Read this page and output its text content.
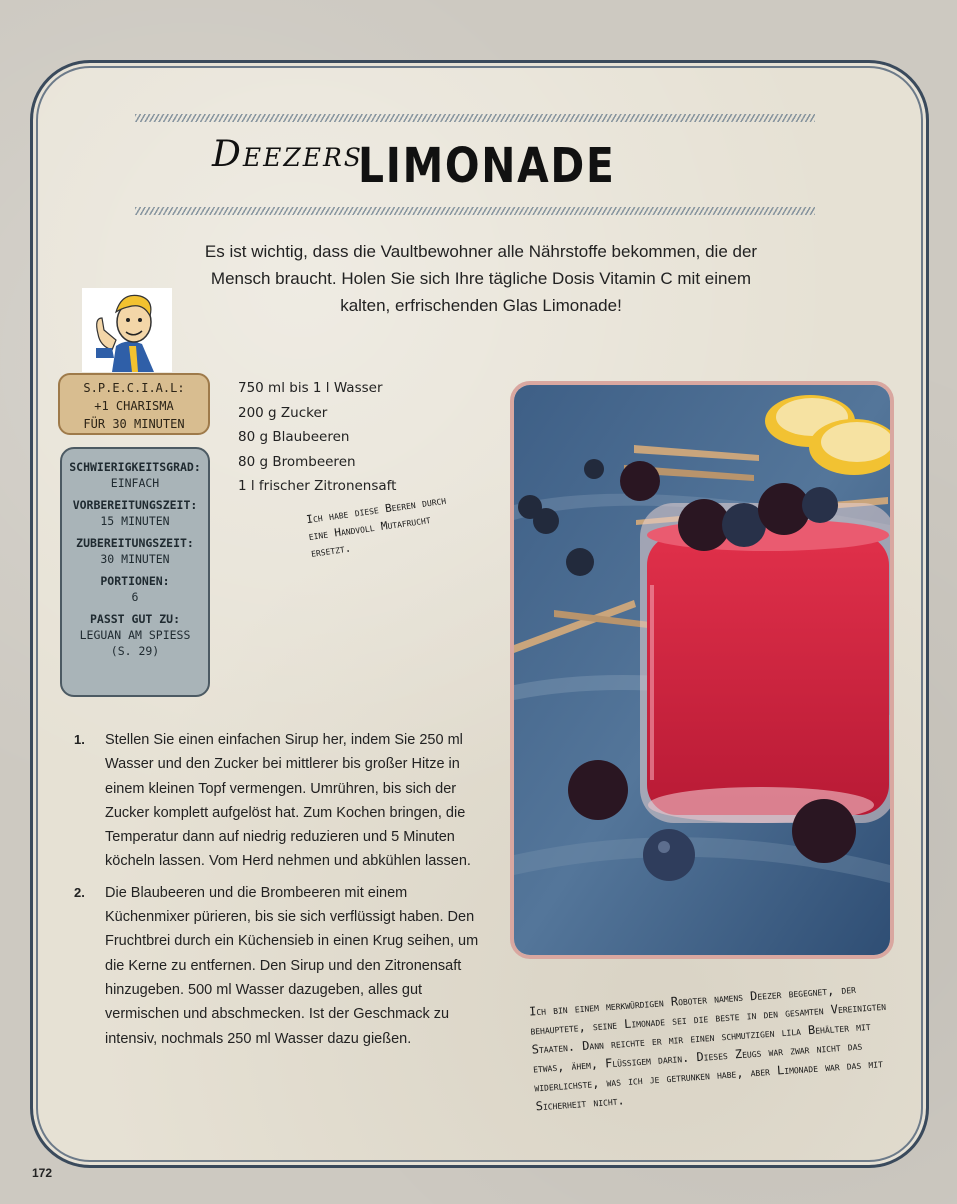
Deezers
LIMONADE
Es ist wichtig, dass die Vaultbewohner alle Nährstoffe bekommen, die der Mensch braucht. Holen Sie sich Ihre tägliche Dosis Vitamin C mit einem kalten, erfrischenden Glas Limonade!
S.P.E.C.I.A.L:
+1 CHARISMA
FÜR 30 MINUTEN
SCHWIERIGKEITSGRAD:
EINFACH
VORBEREITUNGSZEIT:
15 MINUTEN
ZUBEREITUNGSZEIT:
30 MINUTEN
PORTIONEN:
6
PASST GUT ZU:
LEGUAN AM SPIESS
(S. 29)
750 ml bis 1 l Wasser
200 g Zucker
80 g Blaubeeren
80 g Brombeeren
1 l frischer Zitronensaft
Ich habe diese Beeren durch eine Handvoll Mutafrucht ersetzt.
1. Stellen Sie einen einfachen Sirup her, indem Sie 250 ml Wasser und den Zucker bei mittlerer bis großer Hitze in einem kleinen Topf vermengen. Umrühren, bis sich der Zucker komplett aufgelöst hat. Zum Kochen bringen, die Temperatur dann auf niedrig reduzieren und 5 Minuten köcheln lassen. Vom Herd nehmen und abkühlen lassen.
2. Die Blaubeeren und die Brombeeren mit einem Küchenmixer pürieren, bis sie sich verflüssigt haben. Den Fruchtbrei durch ein Küchensieb in einen Krug seihen, um die Kerne zu entfernen. Den Sirup und den Zitronensaft hinzugeben. 500 ml Wasser dazugeben, alles gut vermischen und abschmecken. Ist der Geschmack zu intensiv, nochmals 250 ml Wasser dazu gießen.
Ich bin einem merkwürdigen Roboter namens Deezer begegnet, der behauptete, seine Limonade sei die beste in den gesamten Vereinigten Staaten. Dann reichte er mir einen schmutzigen lila Behälter mit etwas, ähem, Flüssigem darin. Dieses Zeugs war zwar nicht das widerlichste, was ich je getrunken habe, aber Limonade war das mit Sicherheit nicht.
172
